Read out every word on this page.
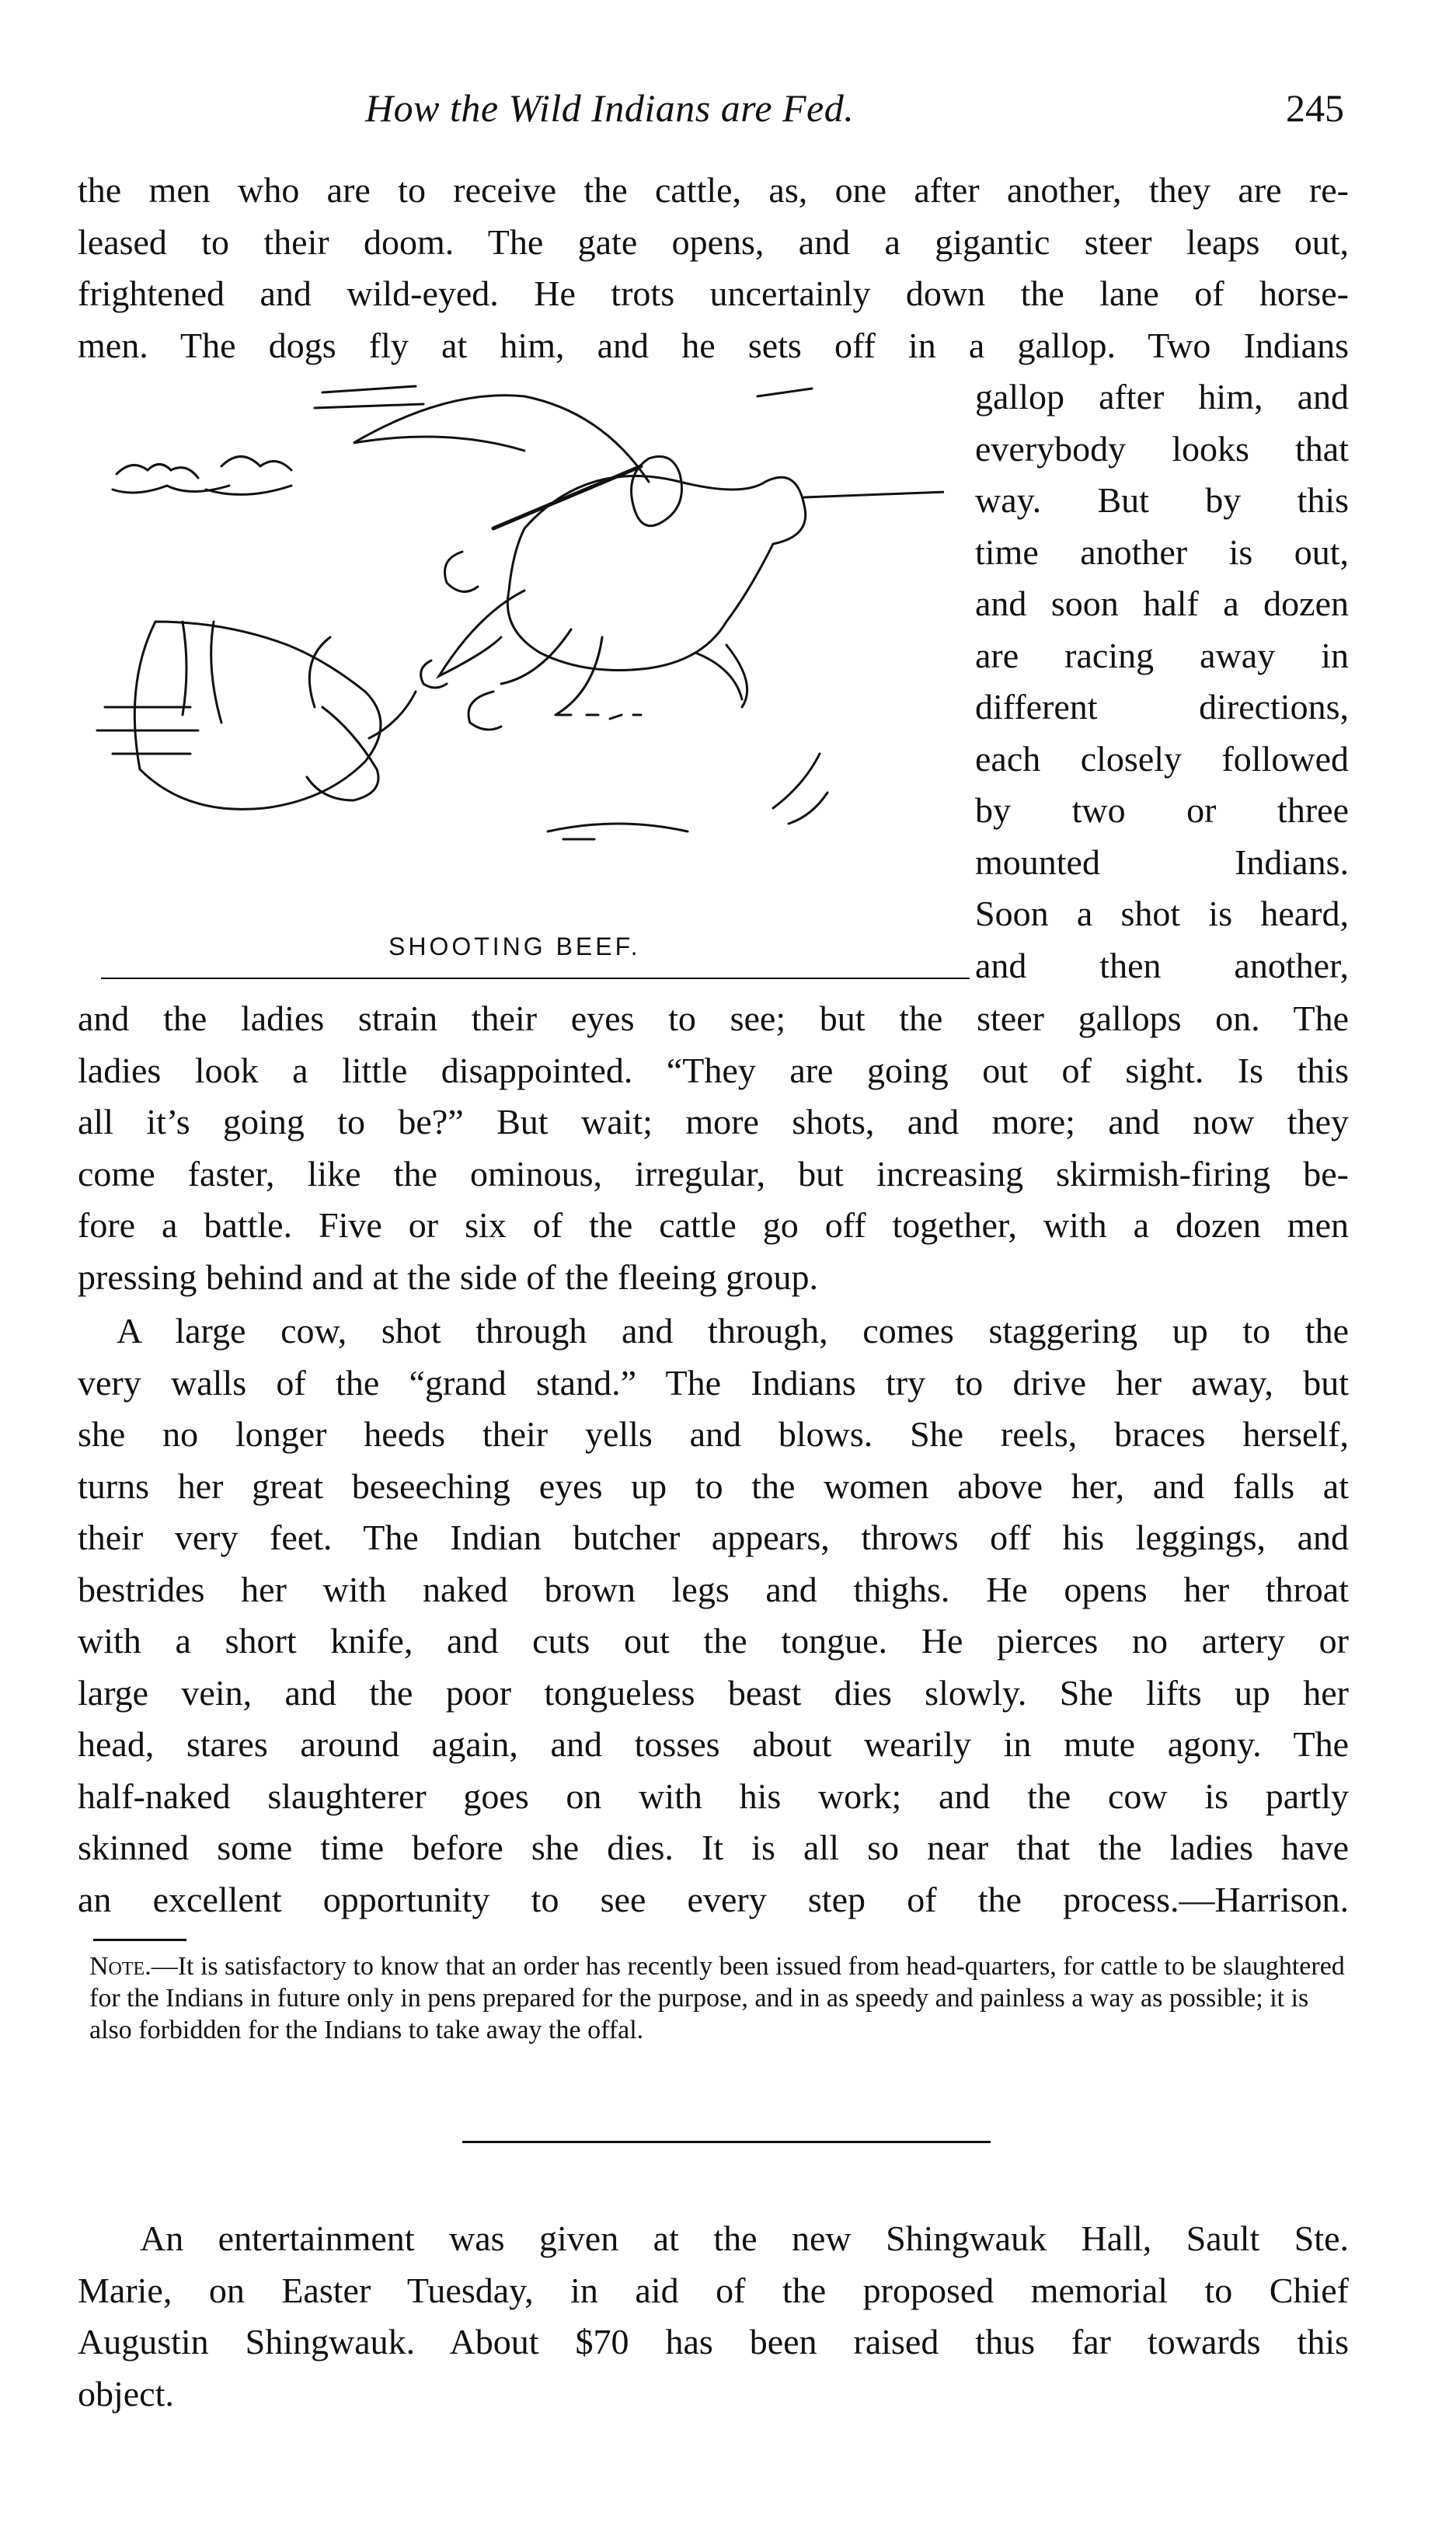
How the Wild Indians are Fed.	245
the men who are to receive the cattle, as, one after another, they are re-
leased to their doom. The gate opens, and a gigantic steer leaps out,
frightened and wild-eyed. He trots uncertainly down the lane of horse-
men. The dogs fly at him, and he sets off in a gallop. Two Indians
gallop after him, and
everybody looks that
way. But by this
time another is out,
and soon half a dozen
are racing away in
different directions,
each closely followed
by two or three
mounted Indians.
Soon a shot is heard,
and then another,
SHOOTING BEEF.
and the ladies strain their eyes to see; but the steer gallops on. The
ladies look a little disappointed. “They are going out of sight. Is this
all it’s going to be?” But wait; more shots, and more; and now they
come faster, like the ominous, irregular, but increasing skirmish-firing be-
fore a battle. Five or six of the cattle go off together, with a dozen men
pressing behind and at the side of the fleeing group.
A large cow, shot through and through, comes staggering up to the
very walls of the “grand stand.” The Indians try to drive her away, but
she no longer heeds their yells and blows. She reels, braces herself,
turns her great beseeching eyes up to the women above her, and falls at
their very feet. The Indian butcher appears, throws off his leggings, and
bestrides her with naked brown legs and thighs. He opens her throat
with a short knife, and cuts out the tongue. He pierces no artery or
large vein, and the poor tongueless beast dies slowly. She lifts up her
head, stares around again, and tosses about wearily in mute agony. The
half-naked slaughterer goes on with his work; and the cow is partly
skinned some time before she dies. It is all so near that the ladies have
an excellent opportunity to see every step of the process.—Harrison.

Note.—It is satisfactory to know that an order has recently been issued from head-quarters, for cattle to be slaughtered for the Indians in future only in pens prepared for the purpose, and in as speedy and painless a way as possible; it is also forbidden for the Indians to take away the offal.

An entertainment was given at the new Shingwauk Hall, Sault Ste.
Marie, on Easter Tuesday, in aid of the proposed memorial to Chief
Augustin Shingwauk. About $70 has been raised thus far towards this
object.
